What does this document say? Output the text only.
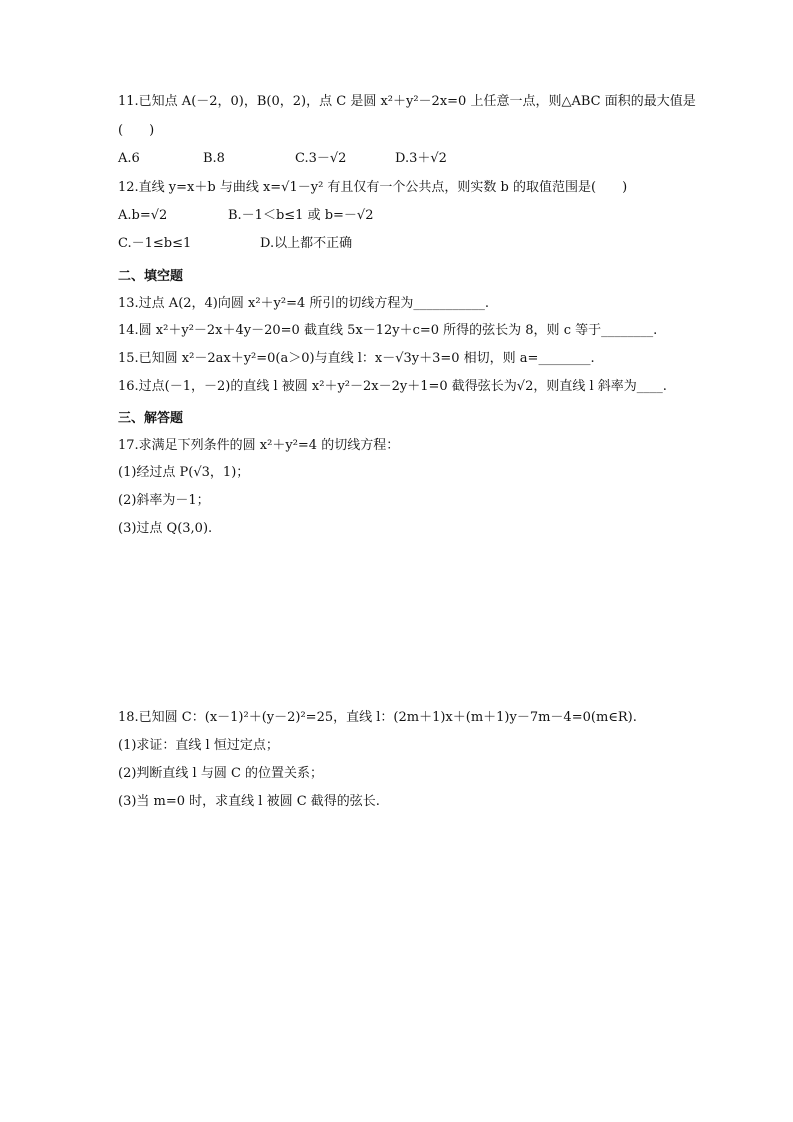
11.已知点 A(－2，0)，B(0，2)，点 C 是圆 x²＋y²－2x=0 上任意一点，则△ABC 面积的最大值是
(　　)
A.6	B.8	C.3－√2	D.3＋√2
12.直线 y=x＋b 与曲线 x=√1－y² 有且仅有一个公共点，则实数 b 的取值范围是(　　)
A.b=√2	B.－1＜b≤1 或 b=－√2
C.－1≤b≤1	D.以上都不正确
二、填空题
13.过点 A(2，4)向圆 x²＋y²=4 所引的切线方程为___________.
14.圆 x²＋y²－2x＋4y－20=0 截直线 5x－12y＋c=0 所得的弦长为 8，则 c 等于________.
15.已知圆 x²－2ax＋y²=0(a＞0)与直线 l：x－√3y＋3=0 相切，则 a=________.
16.过点(－1，－2)的直线 l 被圆 x²＋y²－2x－2y＋1=0 截得弦长为√2，则直线 l 斜率为____.
三、解答题
17.求满足下列条件的圆 x²＋y²=4 的切线方程：
(1)经过点 P(√3，1)；
(2)斜率为－1；
(3)过点 Q(3,0).
18.已知圆 C：(x－1)²＋(y－2)²=25，直线 l：(2m＋1)x＋(m＋1)y－7m－4=0(m∈R).
(1)求证：直线 l 恒过定点；
(2)判断直线 l 与圆 C 的位置关系；
(3)当 m=0 时，求直线 l 被圆 C 截得的弦长.
